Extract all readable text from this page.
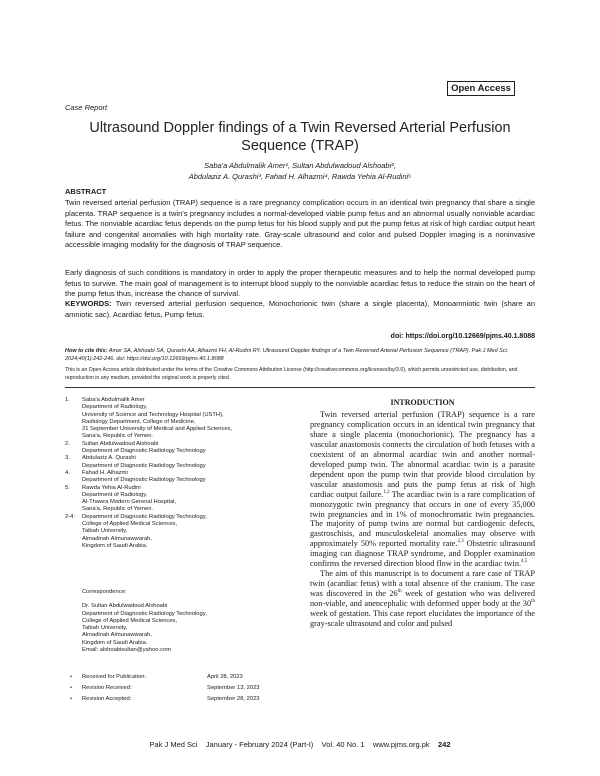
Open Access
Case Report
Ultrasound Doppler findings of a Twin Reversed Arterial Perfusion Sequence (TRAP)
Saba'a Abdulmalik Amer¹, Sultan Abdulwadoud Alshoabi²,
Abdulaziz A. Qurashi³, Fahad H. Alhazmi⁴, Rawda Yehia Al-Rudini⁵
ABSTRACT
Twin reversed arterial perfusion (TRAP) sequence is a rare pregnancy complication occurs in an identical twin pregnancy that share a single placenta. TRAP sequence is a twin's pregnancy includes a normal-developed viable pump fetus and an abnormal usually nonviable acardiac fetus. The nonviable acardiac fetus depends on the pump fetus for his blood supply and put the pump fetus at risk of high cardiac output heart failure and congenital anomalies with high mortality rate. Gray-scale ultrasound and color and pulsed Doppler imaging is a noninvasive accessible imaging modality for the diagnosis of TRAP sequence.
Early diagnosis of such conditions is mandatory in order to apply the proper therapeutic measures and to help the normal developed pump fetus to survive. The main goal of management is to interrupt blood supply to the nonviable acardiac fetus to reduce the strain on the heart of the pump fetus thus, increase the chance of survival.
KEYWORDS: Twin reversed arterial perfusion sequence, Monochorionic twin (share a single placenta), Monoamniotic twin (share an amniotic sac). Acardiac fetus, Pump fetus.
doi: https://doi.org/10.12669/pjms.40.1.8088
How to cite this: Amer SA, Alshoabi SA, Qurashi AA, Alhazmi FH, Al-Rudini RY. Ultrasound Doppler findings of a Twin Reversed Arterial Perfusion Sequence (TRAP). Pak J Med Sci. 2024;40(1):242-246. doi: https://doi.org/10.12669/pjms.40.1.8088
This is an Open Access article distributed under the terms of the Creative Commons Attribution License (http://creativecommons.org/licenses/by/3.0), which permits unrestricted use, distribution, and reproduction in any medium, provided the original work is properly cited.
1.	Saba'a Abdulmalik Amer
Department of Radiology,
University of Science and Technology Hospital (USTH),
Radiology Department, College of Medicine,
21 September University of Medical and Applied Sciences,
Sana'a, Republic of Yemen.
2.	Sultan Abdulwadoud Alshoabi
Department of Diagnostic Radiology Technology
3.	Abdulaziz A. Qurashi
Department of Diagnostic Radiology Technology
4.	Fahad H. Alhazmi
Department of Diagnostic Radiology Technology
5.	Rawda Yehia Al-Rudini
Department of Radiology,
Al-Thawra Modern General Hospital,
Sana'a, Republic of Yemen.
2-4:	Department of Diagnostic Radiology Technology,
College of Applied Medical Sciences,
Taibah University,
Almadinah Almunawwarah,
Kingdom of Saudi Arabia.
Correspondence:
Dr. Sultan Abdulwadoud Alshoabi
Department of Diagnostic Radiology Technology,
College of Applied Medical Sciences,
Taibah University,
Almadinah Almunawwarah,
Kingdom of Saudi Arabia.
Email: alshoabisultan@yahoo.com
•	Received for Publication:	April 28, 2023
•	Revision Received:	September 13, 2023
•	Revision Accepted:	September 28, 2023
INTRODUCTION

Twin reversed arterial perfusion (TRAP) sequence is a rare pregnancy complication occurs in an identical twin pregnancy that share a single placenta (monochorionic). The pregnancy has a vascular anastomosis connects the circulation of both fetuses with a coexistent of an abnormal acardiac twin and another normal-developed pump twin. The abnormal acardiac twin is a parasite dependent upon the pump twin that provide blood circulation by vascular anastomosis and puts the pump fetus at risk of high cardiac output failure.$^{1,2}$ The acardiac twin is a rare complication of monozygotic twin pregnancy that occurs in one of every 35,000 twin pregnancies and in 1% of monochromatic twin pregnancies. The majority of pump twins are normal but cardiogenic defects, gastroschisis, and musculoskeletal anomalies may observe with approximately 50% reported mortality rate.$^{2,3}$ Obstetric ultrasound imaging can diagnose TRAP syndrome, and Doppler examination confirms the reversed direction blood flow in the acardiac twin.$^{4,5}$

The aim of this manuscript is to document a rare case of TRAP twin (acardiac fetus) with a total absence of the cranium. The case was discovered in the 26th week of gestation who was delivered non-viable, and anencephalic with deformed upper body at the 30th week of gestation. This case report elucidates the importance of the gray-scale ultrasound and color and pulsed

Pak J Med Sci January - February 2024 (Part-I) Vol. 40 No. 1 www.pjms.org.pk 242
